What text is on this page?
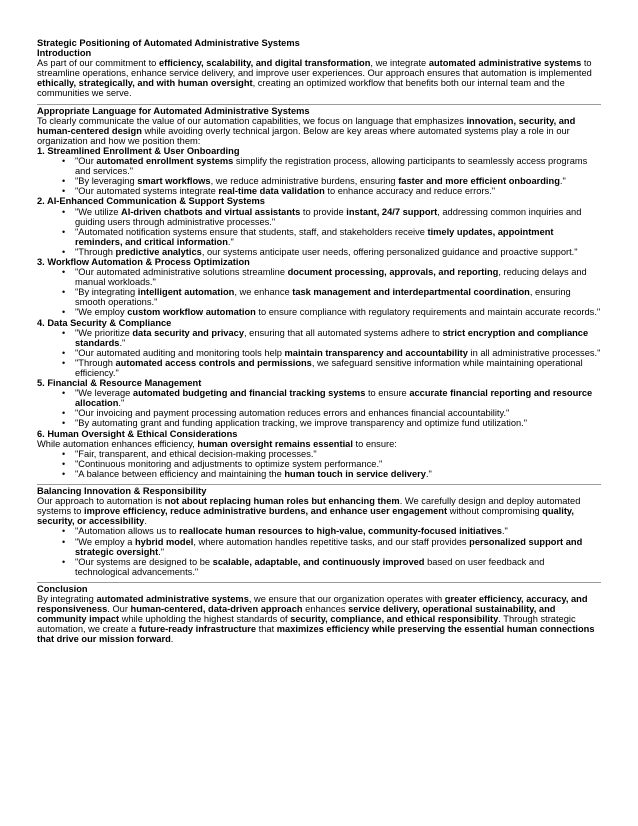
Strategic Positioning of Automated Administrative Systems
Introduction

As part of our commitment to efficiency, scalability, and digital transformation, we integrate automated administrative systems to streamline operations, enhance service delivery, and improve user experiences. Our approach ensures that automation is implemented ethically, strategically, and with human oversight, creating an optimized workflow that benefits both our internal team and the communities we serve.

Appropriate Language for Automated Administrative Systems

To clearly communicate the value of our automation capabilities, we focus on language that emphasizes innovation, security, and human-centered design while avoiding overly technical jargon. Below are key areas where automated systems play a role in our organization and how we position them:

1. Streamlined Enrollment & User Onboarding
• "Our automated enrollment systems simplify the registration process, allowing participants to seamlessly access programs and services."
• "By leveraging smart workflows, we reduce administrative burdens, ensuring faster and more efficient onboarding."
• "Our automated systems integrate real-time data validation to enhance accuracy and reduce errors."
2. AI-Enhanced Communication & Support Systems
• "We utilize AI-driven chatbots and virtual assistants to provide instant, 24/7 support, addressing common inquiries and guiding users through administrative processes."
• "Automated notification systems ensure that students, staff, and stakeholders receive timely updates, appointment reminders, and critical information."
• "Through predictive analytics, our systems anticipate user needs, offering personalized guidance and proactive support."
3. Workflow Automation & Process Optimization
• "Our automated administrative solutions streamline document processing, approvals, and reporting, reducing delays and manual workloads."
• "By integrating intelligent automation, we enhance task management and interdepartmental coordination, ensuring smooth operations."
• "We employ custom workflow automation to ensure compliance with regulatory requirements and maintain accurate records."
4. Data Security & Compliance
• "We prioritize data security and privacy, ensuring that all automated systems adhere to strict encryption and compliance standards."
• "Our automated auditing and monitoring tools help maintain transparency and accountability in all administrative processes."
• "Through automated access controls and permissions, we safeguard sensitive information while maintaining operational efficiency."
5. Financial & Resource Management
• "We leverage automated budgeting and financial tracking systems to ensure accurate financial reporting and resource allocation."
• "Our invoicing and payment processing automation reduces errors and enhances financial accountability."
• "By automating grant and funding application tracking, we improve transparency and optimize fund utilization."
6. Human Oversight & Ethical Considerations

While automation enhances efficiency, human oversight remains essential to ensure:

• "Fair, transparent, and ethical decision-making processes."
• "Continuous monitoring and adjustments to optimize system performance."
• "A balance between efficiency and maintaining the human touch in service delivery."
Balancing Innovation & Responsibility

Our approach to automation is not about replacing human roles but enhancing them. We carefully design and deploy automated systems to improve efficiency, reduce administrative burdens, and enhance user engagement without compromising quality, security, or accessibility.

• "Automation allows us to reallocate human resources to high-value, community-focused initiatives."
• "We employ a hybrid model, where automation handles repetitive tasks, and our staff provides personalized support and strategic oversight."
• "Our systems are designed to be scalable, adaptable, and continuously improved based on user feedback and technological advancements."
Conclusion

By integrating automated administrative systems, we ensure that our organization operates with greater efficiency, accuracy, and responsiveness. Our human-centered, data-driven approach enhances service delivery, operational sustainability, and community impact while upholding the highest standards of security, compliance, and ethical responsibility. Through strategic automation, we create a future-ready infrastructure that maximizes efficiency while preserving the essential human connections that drive our mission forward.
